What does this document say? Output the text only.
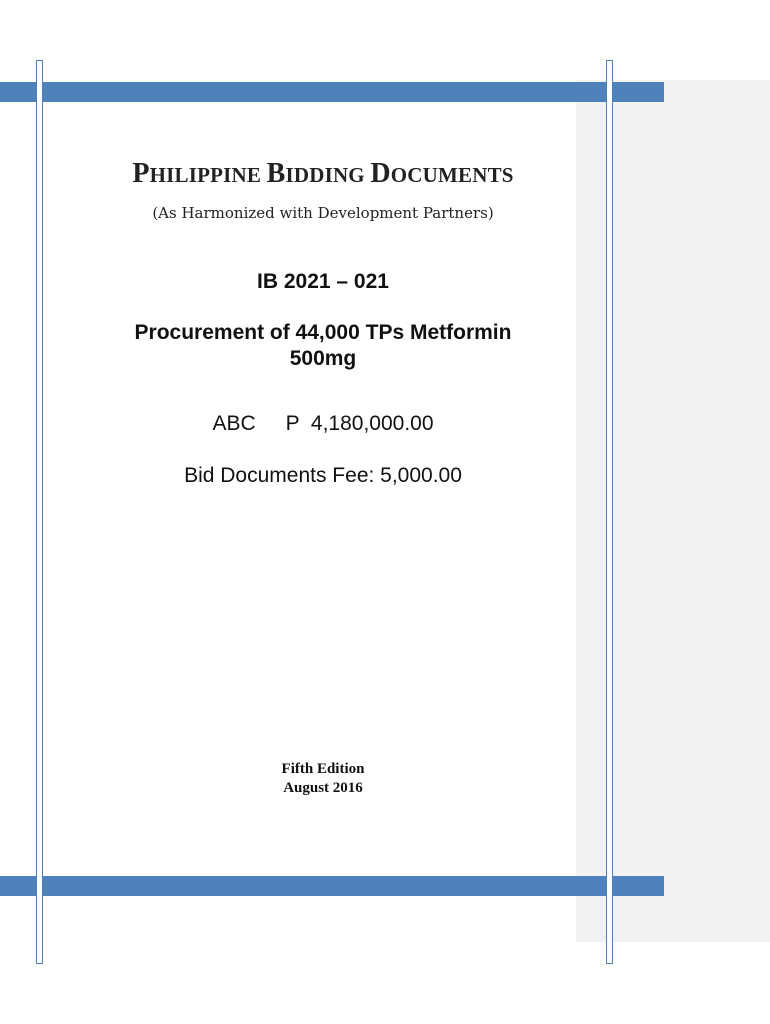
PHILIPPINE BIDDING DOCUMENTS
(As Harmonized with Development Partners)
IB 2021 – 021
Procurement of 44,000 TPs Metformin
500mg
ABC P  4,180,000.00
Bid Documents Fee: 5,000.00
Fifth Edition
August 2016
